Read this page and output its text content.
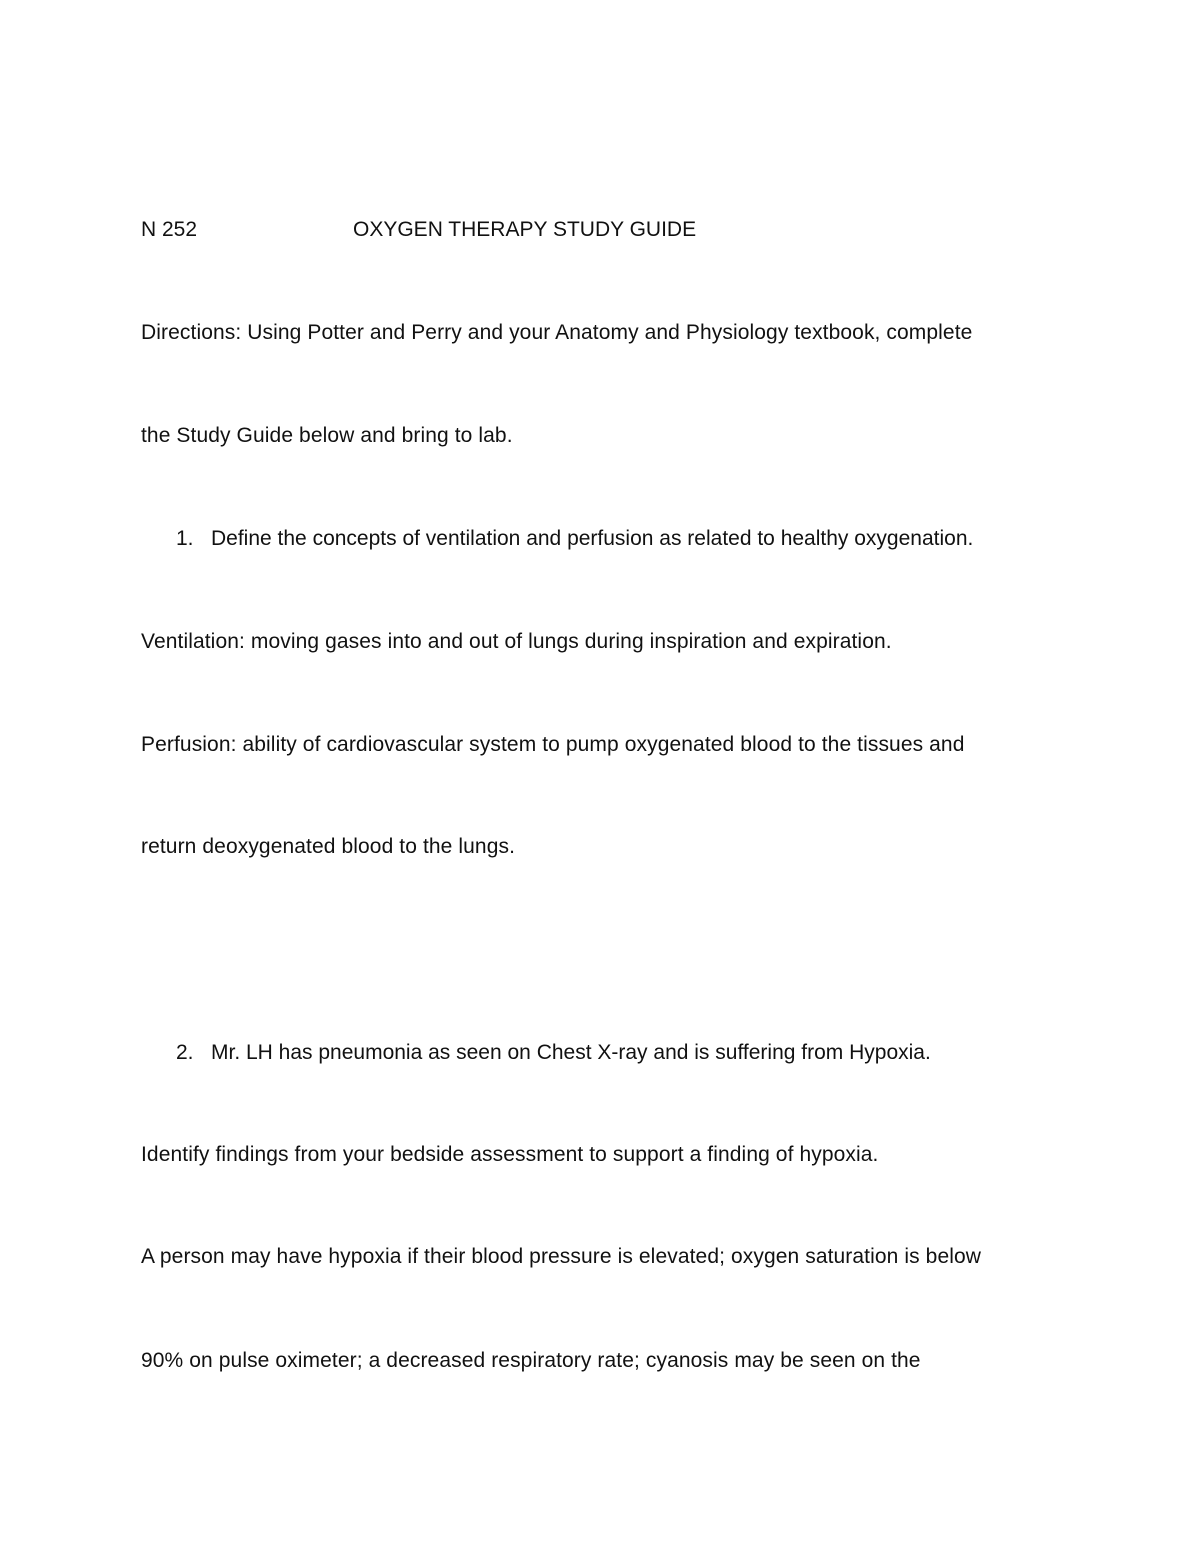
N 252	OXYGEN THERAPY STUDY GUIDE
Directions: Using Potter and Perry and your Anatomy and Physiology textbook, complete
the Study Guide below and bring to lab.
1. Define the concepts of ventilation and perfusion as related to healthy oxygenation.
Ventilation: moving gases into and out of lungs during inspiration and expiration.
Perfusion: ability of cardiovascular system to pump oxygenated blood to the tissues and
return deoxygenated blood to the lungs.
2. Mr. LH has pneumonia as seen on Chest X-ray and is suffering from Hypoxia.
Identify findings from your bedside assessment to support a finding of hypoxia.
A person may have hypoxia if their blood pressure is elevated; oxygen saturation is below
90% on pulse oximeter; a decreased respiratory rate; cyanosis may be seen on the
